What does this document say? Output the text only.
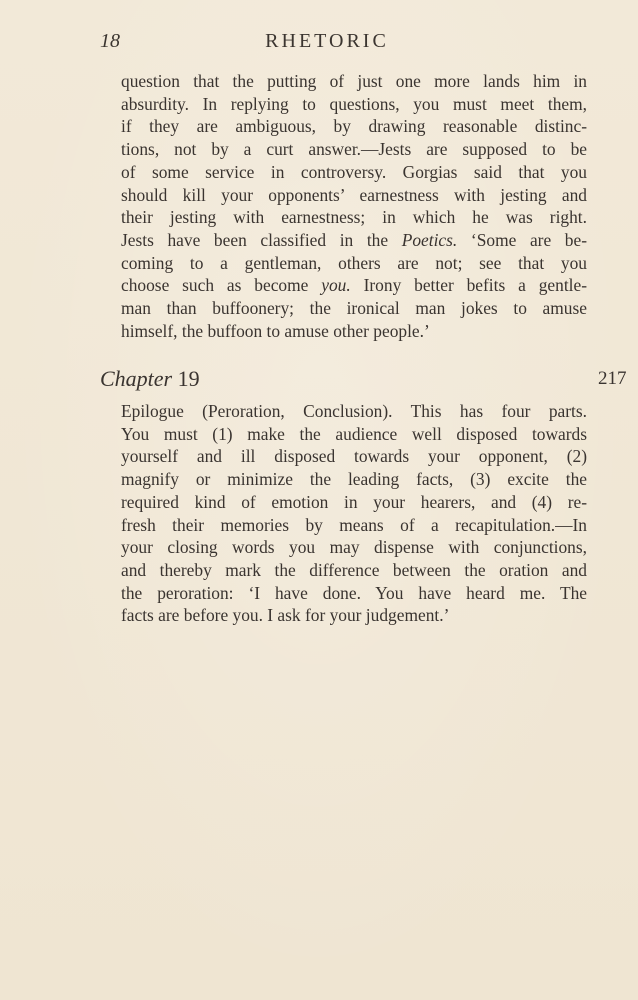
18	RHETORIC
question that the putting of just one more lands him in
absurdity. In replying to questions, you must meet them,
if they are ambiguous, by drawing reasonable distinc-
tions, not by a curt answer.—Jests are supposed to be
of some service in controversy. Gorgias said that you
should kill your opponents’ earnestness with jesting and
their jesting with earnestness; in which he was right.
Jests have been classified in the Poetics. ‘Some are be-
coming to a gentleman, others are not; see that you
choose such as become you. Irony better befits a gentle-
man than buffoonery; the ironical man jokes to amuse
himself, the buffoon to amuse other people.’
Chapter 19	217
Epilogue (Peroration, Conclusion). This has four parts.
You must (1) make the audience well disposed towards
yourself and ill disposed towards your opponent, (2)
magnify or minimize the leading facts, (3) excite the
required kind of emotion in your hearers, and (4) re-
fresh their memories by means of a recapitulation.—In
your closing words you may dispense with conjunctions,
and thereby mark the difference between the oration and
the peroration: ‘I have done. You have heard me. The
facts are before you. I ask for your judgement.’
